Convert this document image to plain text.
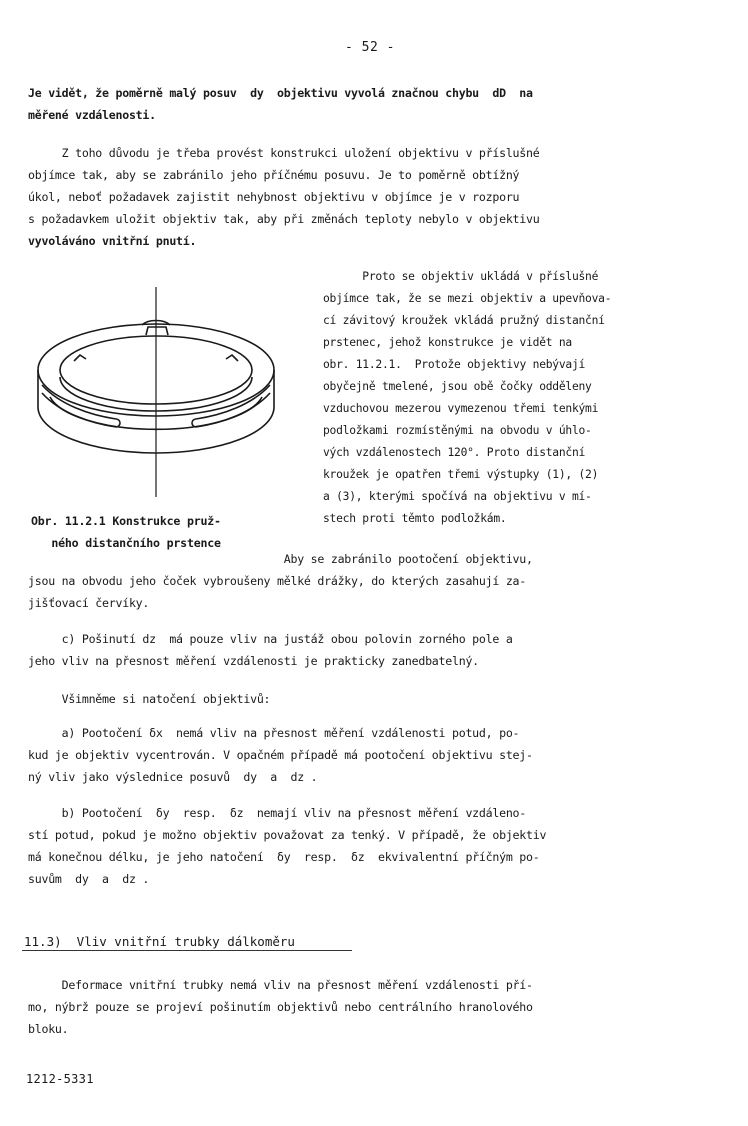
- 52 -
Je vidět, že poměrně malý posuv  dy  objektivu vyvolá značnou chybu  dD  na
měřené vzdálenosti.
Z toho důvodu je třeba provést konstrukci uložení objektivu v příslušné
objímce tak, aby se zabránilo jeho příčnému posuvu. Je to poměrně obtížný
úkol, neboť požadavek zajistit nehybnost objektivu v objímce je v rozporu
s požadavkem uložit objektiv tak, aby při změnách teploty nebylo v objektivu
vyvoláváno vnitřní pnutí.
Proto se objektiv ukládá v příslušné
objímce tak, že se mezi objektiv a upevňova-
cí závitový kroužek vkládá pružný distanční
prstenec, jehož konstrukce je vidět na
obr. 11.2.1.  Protože objektivy nebývají
obyčejně tmelené, jsou obě čočky odděleny
vzduchovou mezerou vymezenou třemi tenkými
podložkami rozmístěnými na obvodu v úhlo-
vých vzdálenostech 120°. Proto distanční
kroužek je opatřen třemi výstupky (1), (2)
a (3), kterými spočívá na objektivu v mí-
stech proti těmto podložkám.
Obr. 11.2.1 Konstrukce pruž-
ného distančního prstence
Aby se zabránilo pootočení objektivu,
jsou na obvodu jeho čoček vybroušeny mělké drážky, do kterých zasahují za-
jišťovací červíky.
c) Pošinutí dz  má pouze vliv na justáž obou polovin zorného pole a
jeho vliv na přesnost měření vzdálenosti je prakticky zanedbatelný.
Všimněme si natočení objektivů:
a) Pootočení δx  nemá vliv na přesnost měření vzdálenosti potud, po-
kud je objektiv vycentrován. V opačném případě má pootočení objektivu stej-
ný vliv jako výslednice posuvů  dy  a  dz .
b) Pootočení  δy  resp.  δz  nemají vliv na přesnost měření vzdáleno-
stí potud, pokud je možno objektiv považovat za tenký. V případě, že objektiv
má konečnou délku, je jeho natočení  δy  resp.  δz  ekvivalentní příčným po-
suvům  dy  a  dz .
11.3)  Vliv vnitřní trubky dálkoměru
Deformace vnitřní trubky nemá vliv na přesnost měření vzdálenosti pří-
mo, nýbrž pouze se projeví pošinutím objektivů nebo centrálního hranolového
bloku.
1212-5331
